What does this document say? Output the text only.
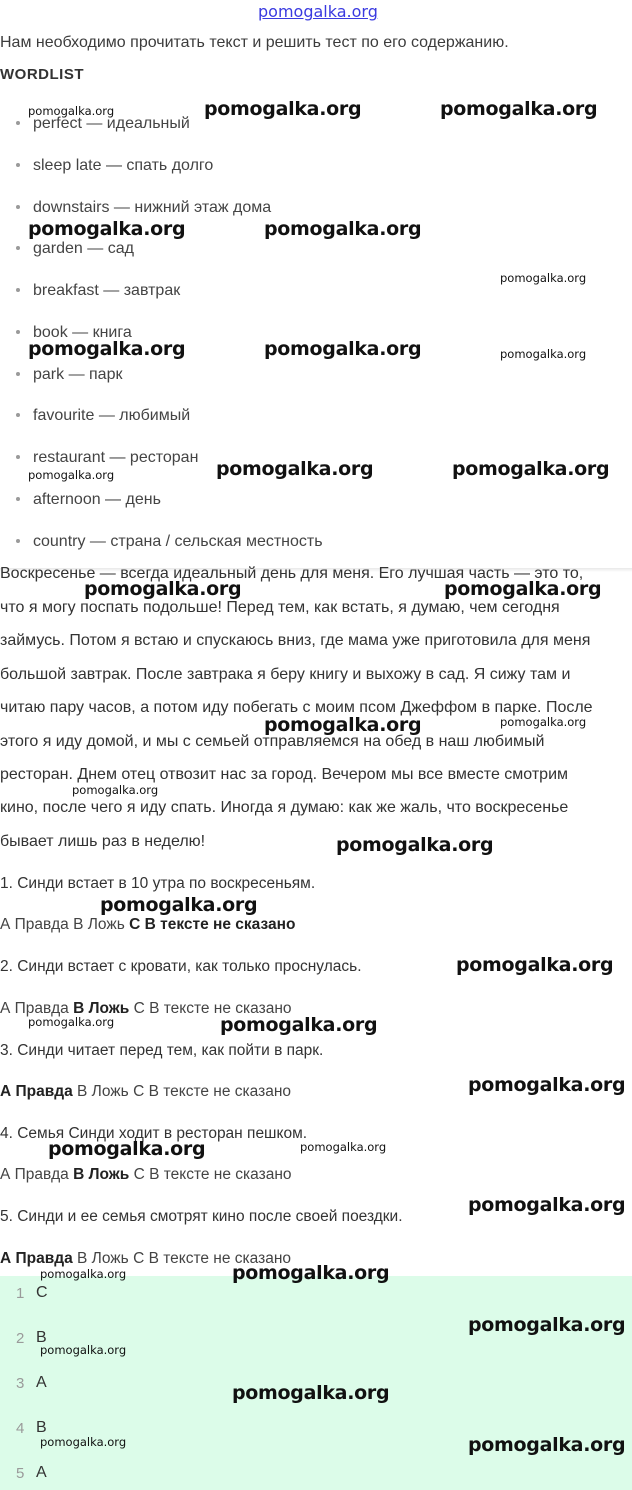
pomogalka.org
Нам необходимо прочитать текст и решить тест по его содержанию.
WORDLIST
perfect — идеальный
sleep late — спать долго
downstairs — нижний этаж дома
garden — сад
breakfast — завтрак
book — книга
park — парк
favourite — любимый
restaurant — ресторан
afternoon — день
country — страна / сельская местность
Воскресенье — всегда идеальный день для меня. Его лучшая часть — это то,
что я могу поспать подольше! Перед тем, как встать, я думаю, чем сегодня
займусь. Потом я встаю и спускаюсь вниз, где мама уже приготовила для меня
большой завтрак. После завтрака я беру книгу и выхожу в сад. Я сижу там и
читаю пару часов, а потом иду побегать с моим псом Джеффом в парке. После
этого я иду домой, и мы с семьей отправляемся на обед в наш любимый
ресторан. Днем отец отвозит нас за город. Вечером мы все вместе смотрим
кино, после чего я иду спать. Иногда я думаю: как же жаль, что воскресенье
бывает лишь раз в неделю!
1. Синди встает в 10 утра по воскресеньям.
А Правда В Ложь С В тексте не сказано
2. Синди встает с кровати, как только проснулась.
А Правда В Ложь С В тексте не сказано
3. Синди читает перед тем, как пойти в парк.
А Правда В Ложь С В тексте не сказано
4. Семья Синди ходит в ресторан пешком.
А Правда В Ложь С В тексте не сказано
5. Синди и ее семья смотрят кино после своей поездки.
А Правда В Ложь С В тексте не сказано
1 C
2 B
3 A
4 B
5 A
pomogalka.org	pomogalka.org	pomogalka.org
pomogalka.org	pomogalka.org
pomogalka.org
pomogalka.org	pomogalka.org	pomogalka.org
pomogalka.org	pomogalka.org
pomogalka.org
pomogalka.org	pomogalka.org
pomogalka.org	pomogalka.org
pomogalka.org
pomogalka.org
pomogalka.org
pomogalka.org
pomogalka.org	pomogalka.org
pomogalka.org
pomogalka.org	pomogalka.org
pomogalka.org
pomogalka.org	pomogalka.org
pomogalka.org
pomogalka.org
pomogalka.org
pomogalka.org	pomogalka.org
